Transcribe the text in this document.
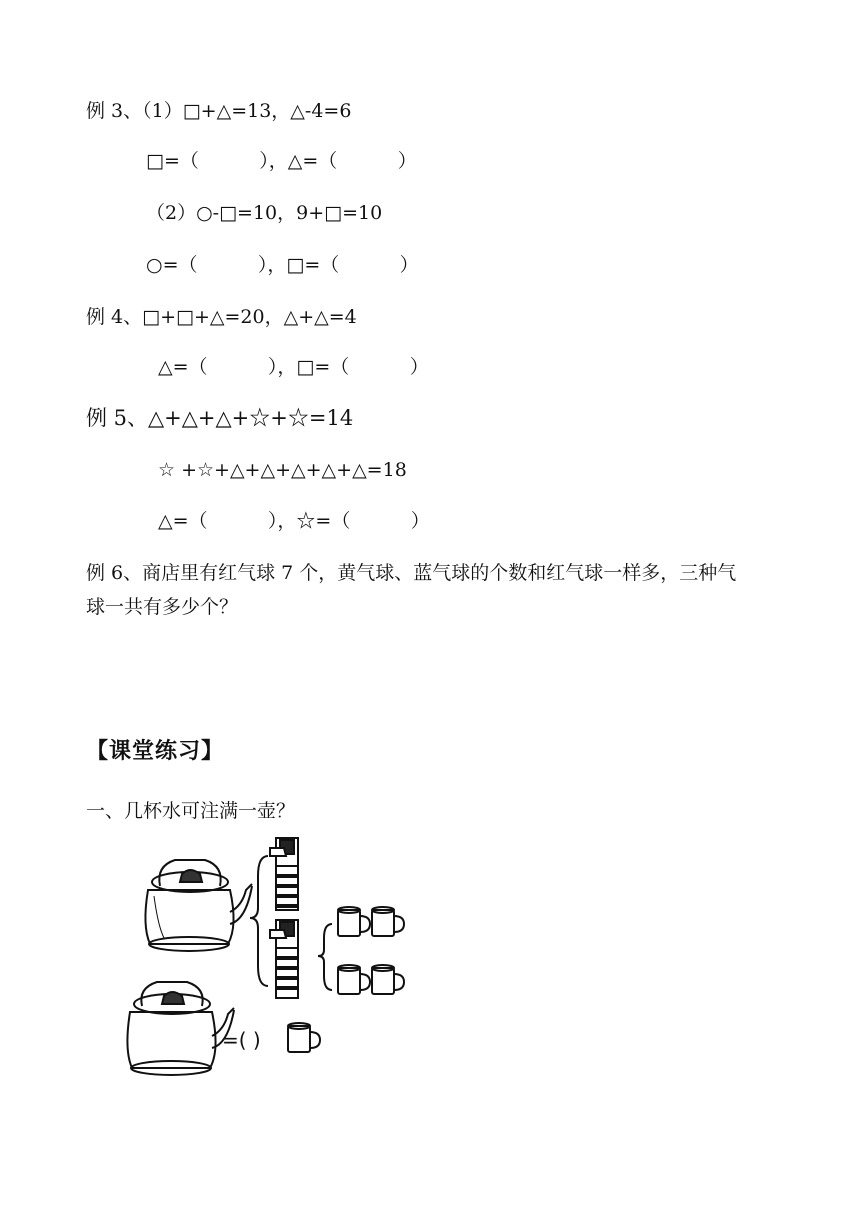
例 3、（1）□+△=13，△-4=6
□=（          ），△=（          ）
（2）○-□=10，9+□=10
○=（          ），□=（          ）
例 4、□+□+△=20，△+△=4
△=（          ），□=（          ）
例 5、△+△+△+☆+☆=14
☆ +☆+△+△+△+△+△=18
△=（          ），☆=（          ）
例 6、商店里有红气球 7 个，黄气球、蓝气球的个数和红气球一样多，三种气
球一共有多少个？
【课堂练习】
一、几杯水可注满一壶？
=( )
